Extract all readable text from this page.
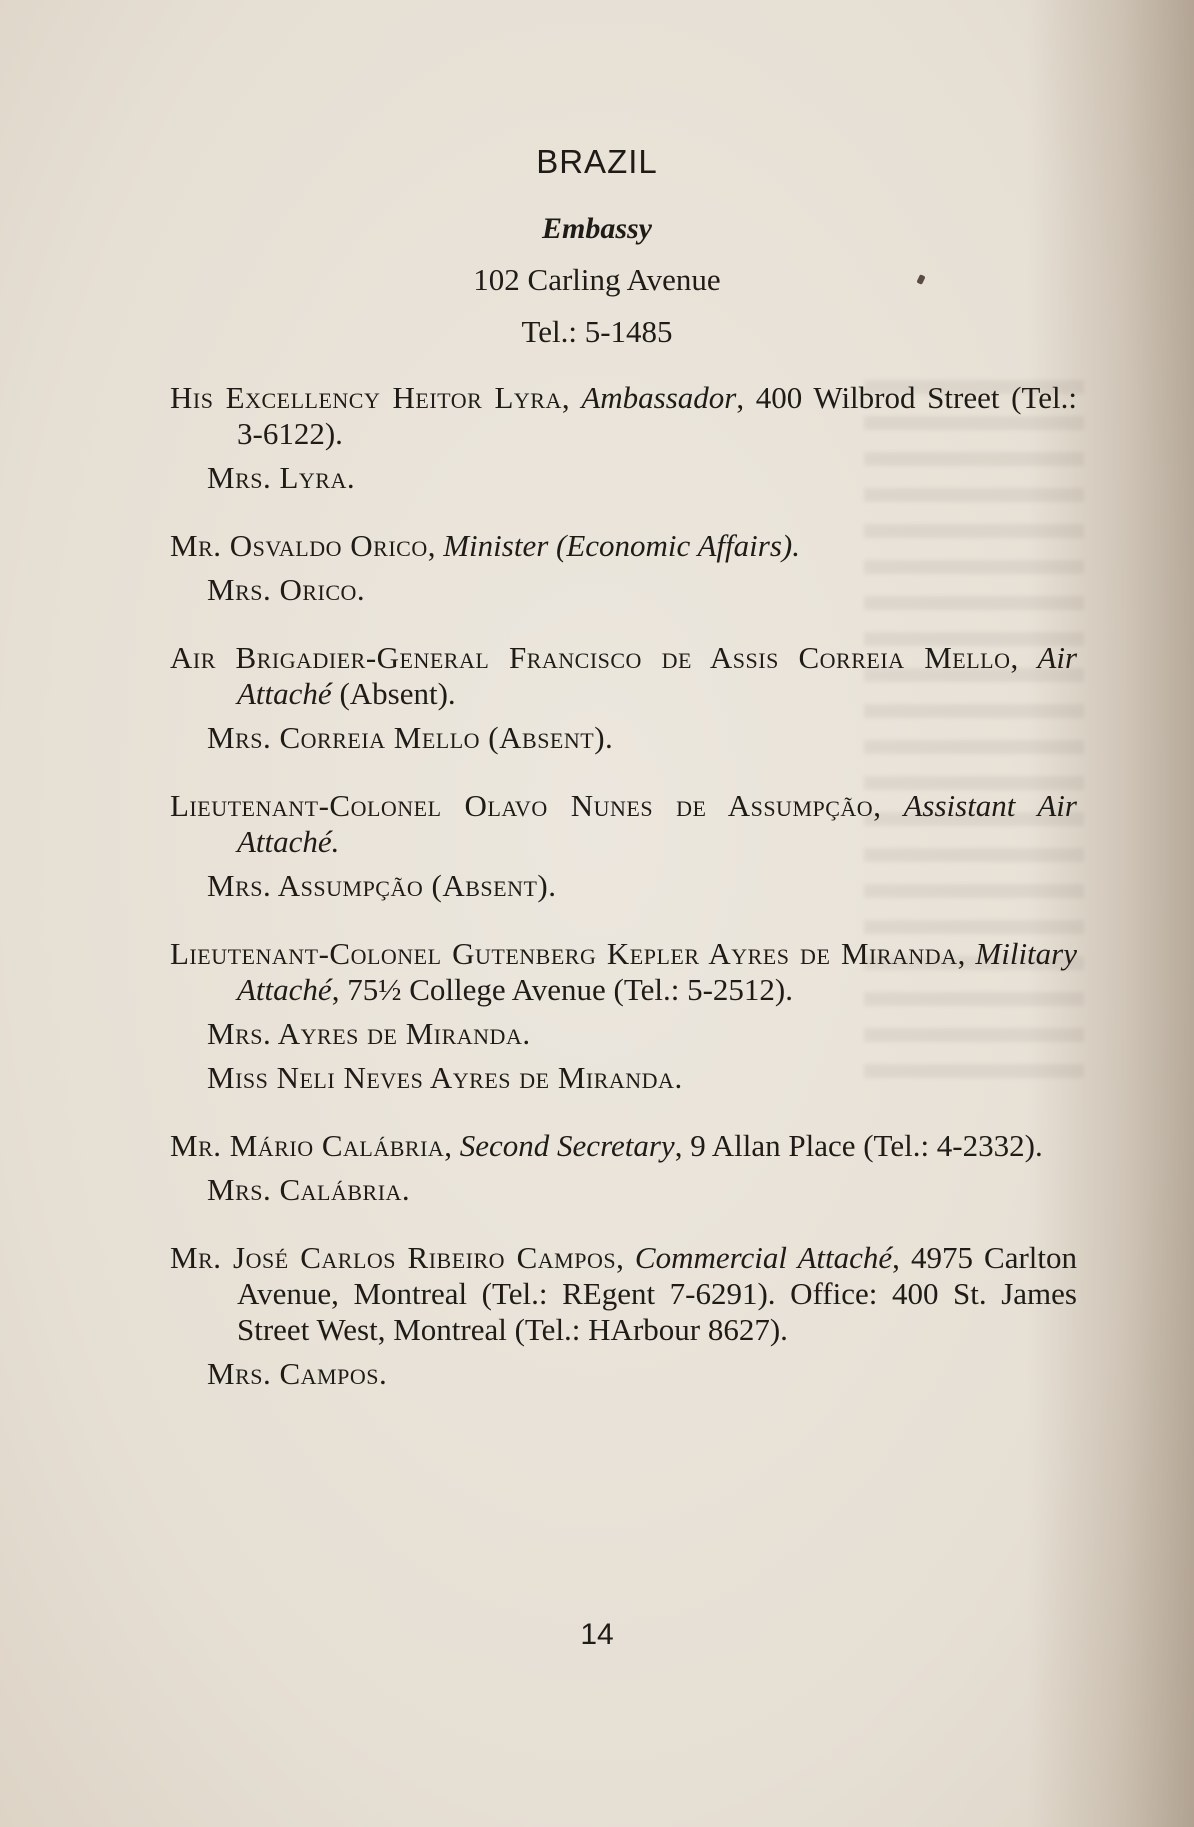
BRAZIL
Embassy
102 Carling Avenue
Tel.: 5-1485

His Excellency Heitor Lyra, Ambassador, 400 Wilbrod Street (Tel.: 3-6122).

Mrs. Lyra.

Mr. Osvaldo Orico, Minister (Economic Affairs).

Mrs. Orico.

Air Brigadier-General Francisco de Assis Correia Mello, Air Attaché (Absent).

Mrs. Correia Mello (Absent).

Lieutenant-Colonel Olavo Nunes de Assumpção, Assistant Air Attaché.

Mrs. Assumpção (Absent).

Lieutenant-Colonel Gutenberg Kepler Ayres de Miranda, Military Attaché, 75½ College Avenue (Tel.: 5-2512).

Mrs. Ayres de Miranda.

Miss Neli Neves Ayres de Miranda.

Mr. Mário Calábria, Second Secretary, 9 Allan Place (Tel.: 4-2332).

Mrs. Calábria.

Mr. José Carlos Ribeiro Campos, Commercial Attaché, 4975 Carlton Avenue, Montreal (Tel.: REgent 7-6291). Office: 400 St. James Street West, Montreal (Tel.: HArbour 8627).

Mrs. Campos.

14
